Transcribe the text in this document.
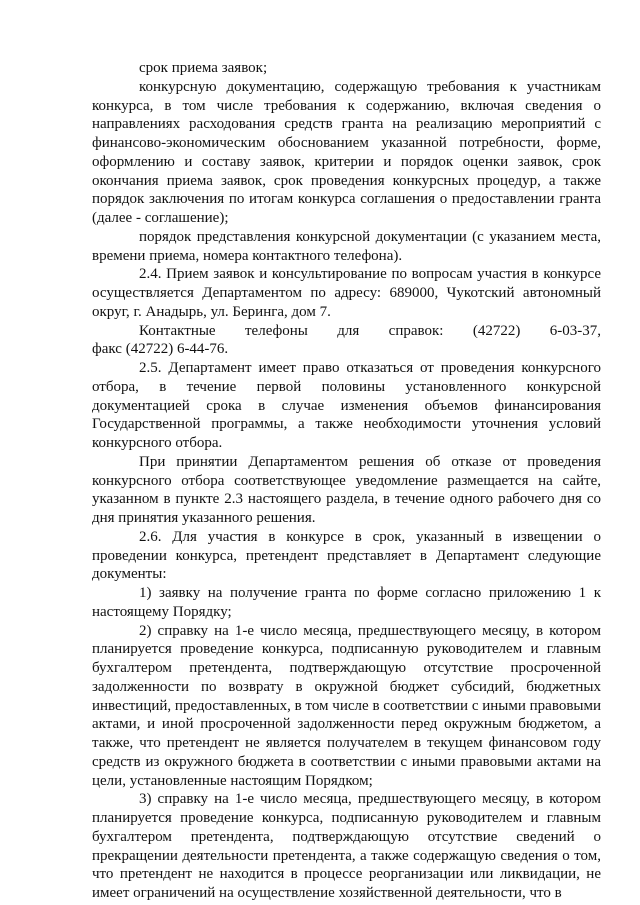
срок приема заявок;

конкурсную документацию, содержащую требования к участникам конкурса, в том числе требования к содержанию, включая сведения о направлениях расходования средств гранта на реализацию мероприятий с финансово-экономическим обоснованием указанной потребности, форме, оформлению и составу заявок, критерии и порядок оценки заявок, срок окончания приема заявок, срок проведения конкурсных процедур, а также порядок заключения по итогам конкурса соглашения о предоставлении гранта (далее - соглашение);

порядок представления конкурсной документации (с указанием места, времени приема, номера контактного телефона).

2.4. Прием заявок и консультирование по вопросам участия в конкурсе осуществляется Департаментом по адресу: 689000, Чукотский автономный округ, г. Анадырь, ул. Беринга, дом 7.

Контактные телефоны для справок: (42722) 6-03-37,

факс (42722) 6-44-76.

2.5. Департамент имеет право отказаться от проведения конкурсного отбора, в течение первой половины установленного конкурсной документацией срока в случае изменения объемов финансирования Государственной программы, а также необходимости уточнения условий конкурсного отбора.

При принятии Департаментом решения об отказе от проведения конкурсного отбора соответствующее уведомление размещается на сайте, указанном в пункте 2.3 настоящего раздела, в течение одного рабочего дня со дня принятия указанного решения.

2.6. Для участия в конкурсе в срок, указанный в извещении о проведении конкурса, претендент представляет в Департамент следующие документы:

1) заявку на получение гранта по форме согласно приложению 1 к настоящему Порядку;

2) справку на 1-е число месяца, предшествующего месяцу, в котором планируется проведение конкурса, подписанную руководителем и главным бухгалтером претендента, подтверждающую отсутствие просроченной задолженности по возврату в окружной бюджет субсидий, бюджетных инвестиций, предоставленных, в том числе в соответствии с иными правовыми актами, и иной просроченной задолженности перед окружным бюджетом, а также, что претендент не является получателем в текущем финансовом году средств из окружного бюджета в соответствии с иными правовыми актами на цели, установленные настоящим Порядком;

3) справку на 1-е число месяца, предшествующего месяцу, в котором планируется проведение конкурса, подписанную руководителем и главным бухгалтером претендента, подтверждающую отсутствие сведений о прекращении деятельности претендента, а также содержащую сведения о том, что претендент не находится в процессе реорганизации или ликвидации, не имеет ограничений на осуществление хозяйственной деятельности, что в
